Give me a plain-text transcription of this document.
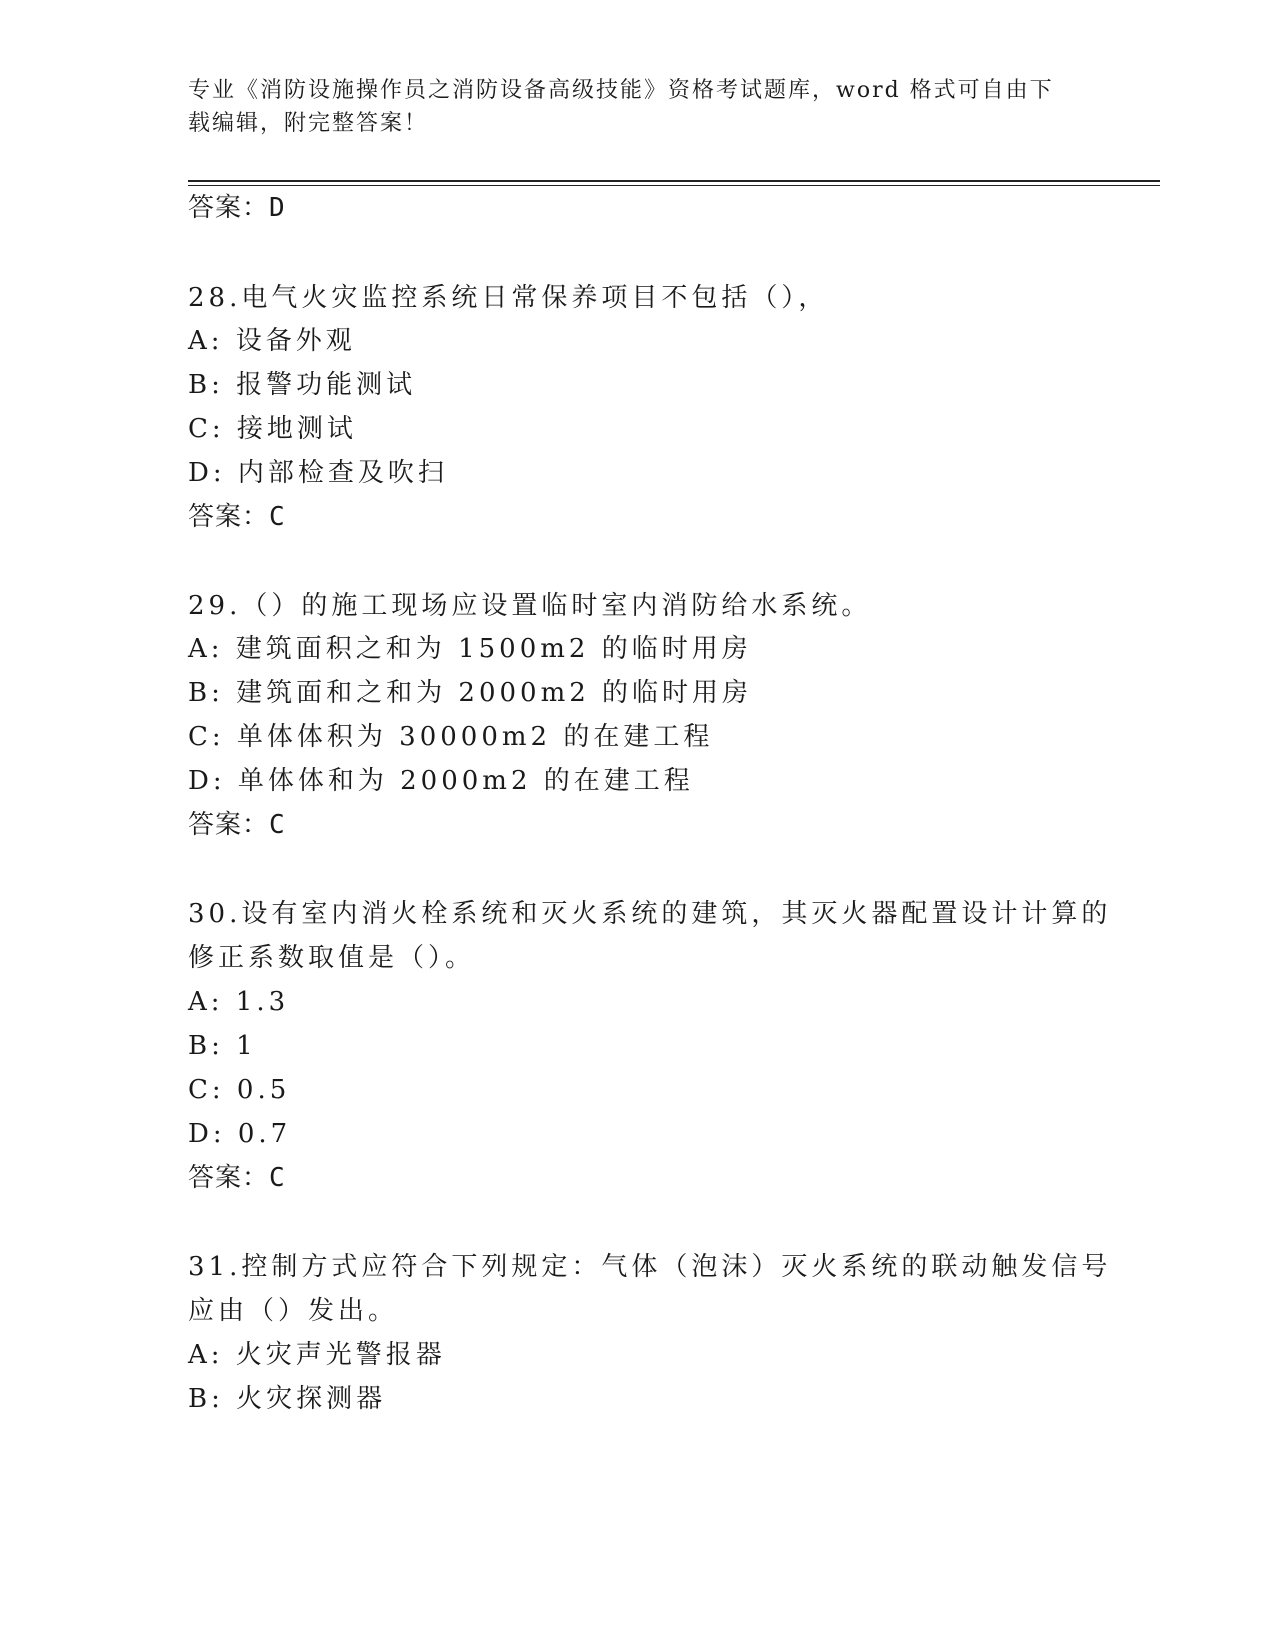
专业《消防设施操作员之消防设备高级技能》资格考试题库，word 格式可自由下
载编辑，附完整答案！
答案：D
28.电气火灾监控系统日常保养项目不包括（），
A: 设备外观
B: 报警功能测试
C: 接地测试
D: 内部检查及吹扫
答案：C
29.（）的施工现场应设置临时室内消防给水系统。
A: 建筑面积之和为 1500m2 的临时用房
B: 建筑面和之和为 2000m2 的临时用房
C: 单体体积为 30000m2 的在建工程
D: 单体体和为 2000m2 的在建工程
答案：C
30.设有室内消火栓系统和灭火系统的建筑，其灭火器配置设计计算的
修正系数取值是（）。
A: 1.3
B: 1
C: 0.5
D: 0.7
答案：C
31.控制方式应符合下列规定：气体（泡沫）灭火系统的联动触发信号
应由（）发出。
A: 火灾声光警报器
B: 火灾探测器
